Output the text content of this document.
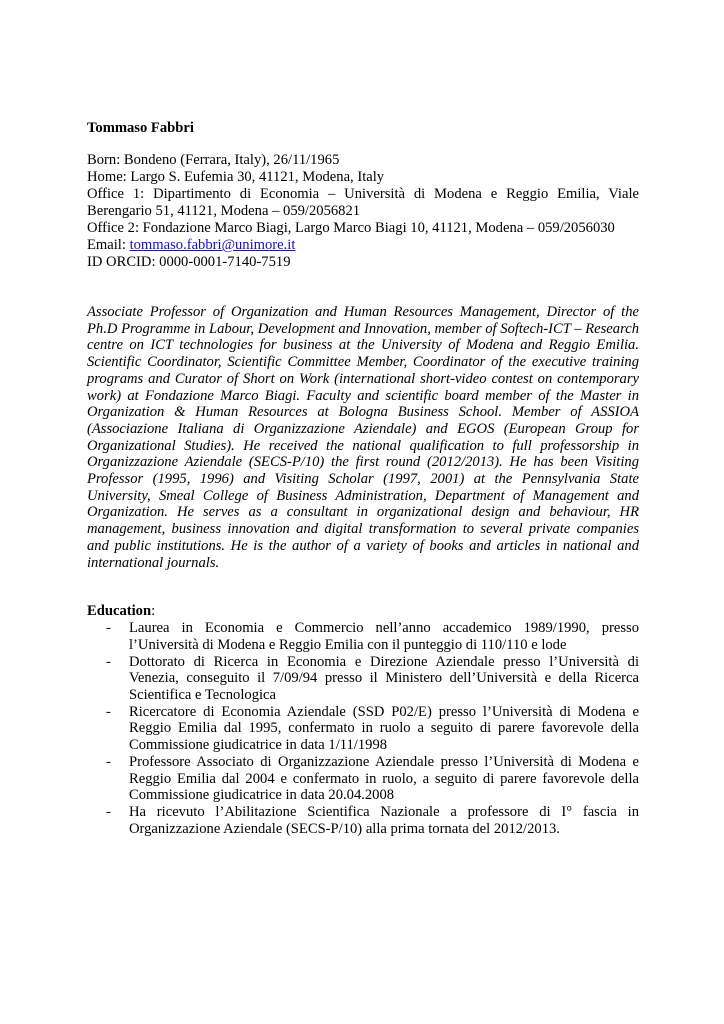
Tommaso Fabbri

Born: Bondeno (Ferrara, Italy), 26/11/1965
Home: Largo S. Eufemia 30, 41121, Modena, Italy
Office 1: Dipartimento di Economia – Università di Modena e Reggio Emilia, Viale
Berengario 51, 41121, Modena – 059/2056821
Office 2: Fondazione Marco Biagi, Largo Marco Biagi 10, 41121, Modena – 059/2056030
Email: tommaso.fabbri@unimore.it
ID ORCID: 0000-0001-7140-7519
Associate Professor of Organization and Human Resources Management, Director of the Ph.D Programme in Labour, Development and Innovation, member of Softech-ICT – Research centre on ICT technologies for business at the University of Modena and Reggio Emilia. Scientific Coordinator, Scientific Committee Member, Coordinator of the executive training programs and Curator of Short on Work (international short-video contest on contemporary work) at Fondazione Marco Biagi. Faculty and scientific board member of the Master in Organization & Human Resources at Bologna Business School. Member of ASSIOA (Associazione Italiana di Organizzazione Aziendale) and EGOS (European Group for Organizational Studies). He received the national qualification to full professorship in Organizzazione Aziendale (SECS-P/10) the first round (2012/2013). He has been Visiting Professor (1995, 1996) and Visiting Scholar (1997, 2001) at the Pennsylvania State University, Smeal College of Business Administration, Department of Management and Organization. He serves as a consultant in organizational design and behaviour, HR management, business innovation and digital transformation to several private companies and public institutions. He is the author of a variety of books and articles in national and international journals.
Education:
- Laurea in Economia e Commercio nell’anno accademico 1989/1990, presso l’Università di Modena e Reggio Emilia con il punteggio di 110/110 e lode
- Dottorato di Ricerca in Economia e Direzione Aziendale presso l’Università di Venezia, conseguito il 7/09/94 presso il Ministero dell’Università e della Ricerca Scientifica e Tecnologica
- Ricercatore di Economia Aziendale (SSD P02/E) presso l’Università di Modena e Reggio Emilia dal 1995, confermato in ruolo a seguito di parere favorevole della Commissione giudicatrice in data 1/11/1998
- Professore Associato di Organizzazione Aziendale presso l’Università di Modena e Reggio Emilia dal 2004 e confermato in ruolo, a seguito di parere favorevole della Commissione giudicatrice in data 20.04.2008
- Ha ricevuto l’Abilitazione Scientifica Nazionale a professore di I° fascia in Organizzazione Aziendale (SECS-P/10) alla prima tornata del 2012/2013.
